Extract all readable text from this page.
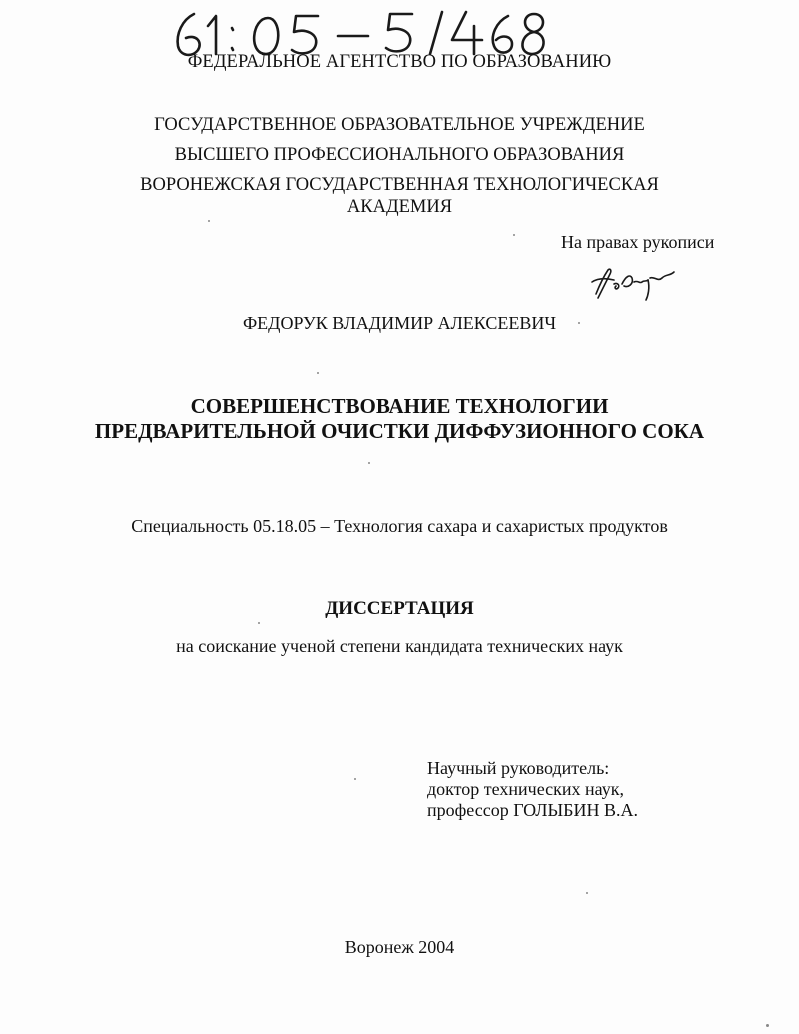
ФЕДЕРАЛЬНОЕ АГЕНТСТВО ПО ОБРАЗОВАНИЮ
ГОСУДАРСТВЕННОЕ ОБРАЗОВАТЕЛЬНОЕ УЧРЕЖДЕНИЕ
ВЫСШЕГО ПРОФЕССИОНАЛЬНОГО ОБРАЗОВАНИЯ
ВОРОНЕЖСКАЯ ГОСУДАРСТВЕННАЯ ТЕХНОЛОГИЧЕСКАЯ
АКАДЕМИЯ
На правах рукописи
ФЕДОРУК ВЛАДИМИР АЛЕКСЕЕВИЧ
СОВЕРШЕНСТВОВАНИЕ ТЕХНОЛОГИИ
ПРЕДВАРИТЕЛЬНОЙ ОЧИСТКИ ДИФФУЗИОННОГО СОКА
Специальность 05.18.05 – Технология сахара и сахаристых продуктов
ДИССЕРТАЦИЯ
на соискание ученой степени кандидата технических наук
Научный руководитель:
доктор технических наук,
профессор ГОЛЫБИН В.А.
Воронеж 2004
